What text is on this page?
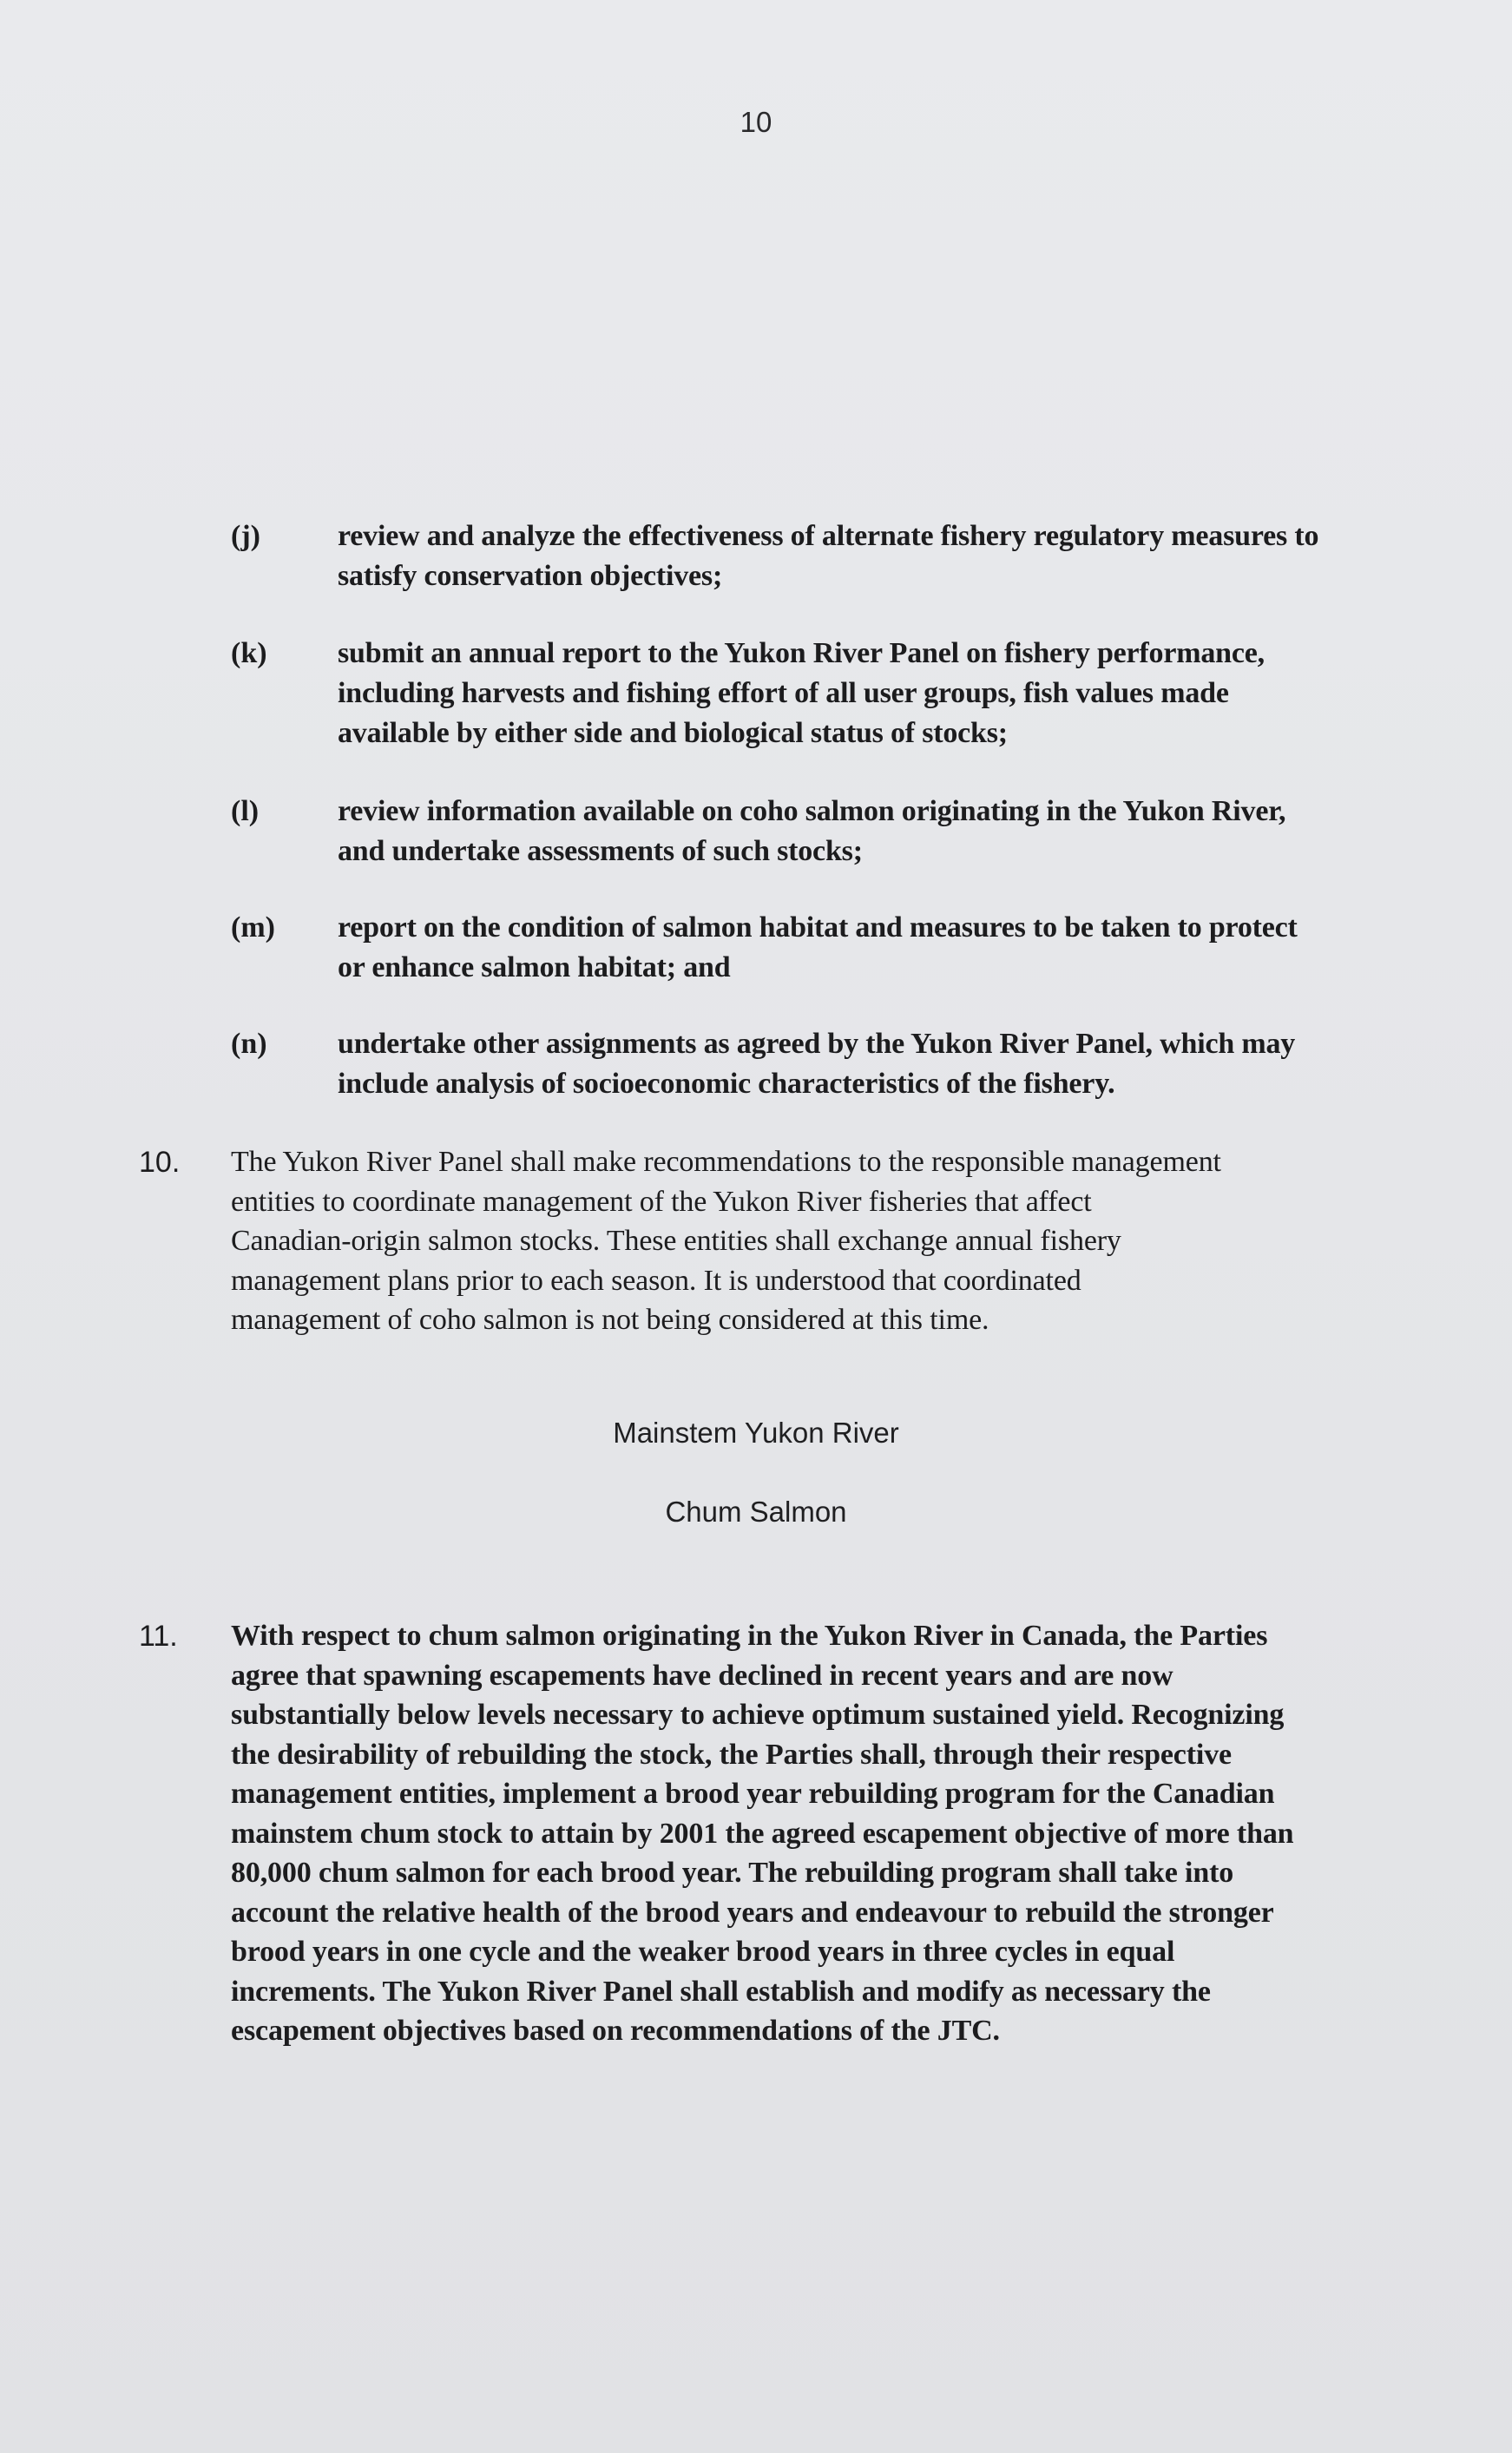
10
(j)	review and analyze the effectiveness of alternate fishery regulatory measures to
satisfy conservation objectives;
(k) submit an annual report to the Yukon River Panel on fishery performance,
including harvests and fishing effort of all user groups, fish values made
available by either side and biological status of stocks;
(l)	review information available on coho salmon originating in the Yukon River,
and undertake assessments of such stocks;
(m) report on the condition of salmon habitat and measures to be taken to protect
or enhance salmon habitat; and
(n) undertake other assignments as agreed by the Yukon River Panel, which may
include analysis of socioeconomic characteristics of the fishery.
10. The Yukon River Panel shall make recommendations to the responsible management
entities to coordinate management of the Yukon River fisheries that affect
Canadian-origin salmon stocks. These entities shall exchange annual fishery
management plans prior to each season. It is understood that coordinated
management of coho salmon is not being considered at this time.
Mainstem Yukon River
Chum Salmon
11. With respect to chum salmon originating in the Yukon River in Canada, the Parties
agree that spawning escapements have declined in recent years and are now
substantially below levels necessary to achieve optimum sustained yield. Recognizing
the desirability of rebuilding the stock, the Parties shall, through their respective
management entities, implement a brood year rebuilding program for the Canadian
mainstem chum stock to attain by 2001 the agreed escapement objective of more than
80,000 chum salmon for each brood year. The rebuilding program shall take into
account the relative health of the brood years and endeavour to rebuild the stronger
brood years in one cycle and the weaker brood years in three cycles in equal
increments. The Yukon River Panel shall establish and modify as necessary the
escapement objectives based on recommendations of the JTC.
